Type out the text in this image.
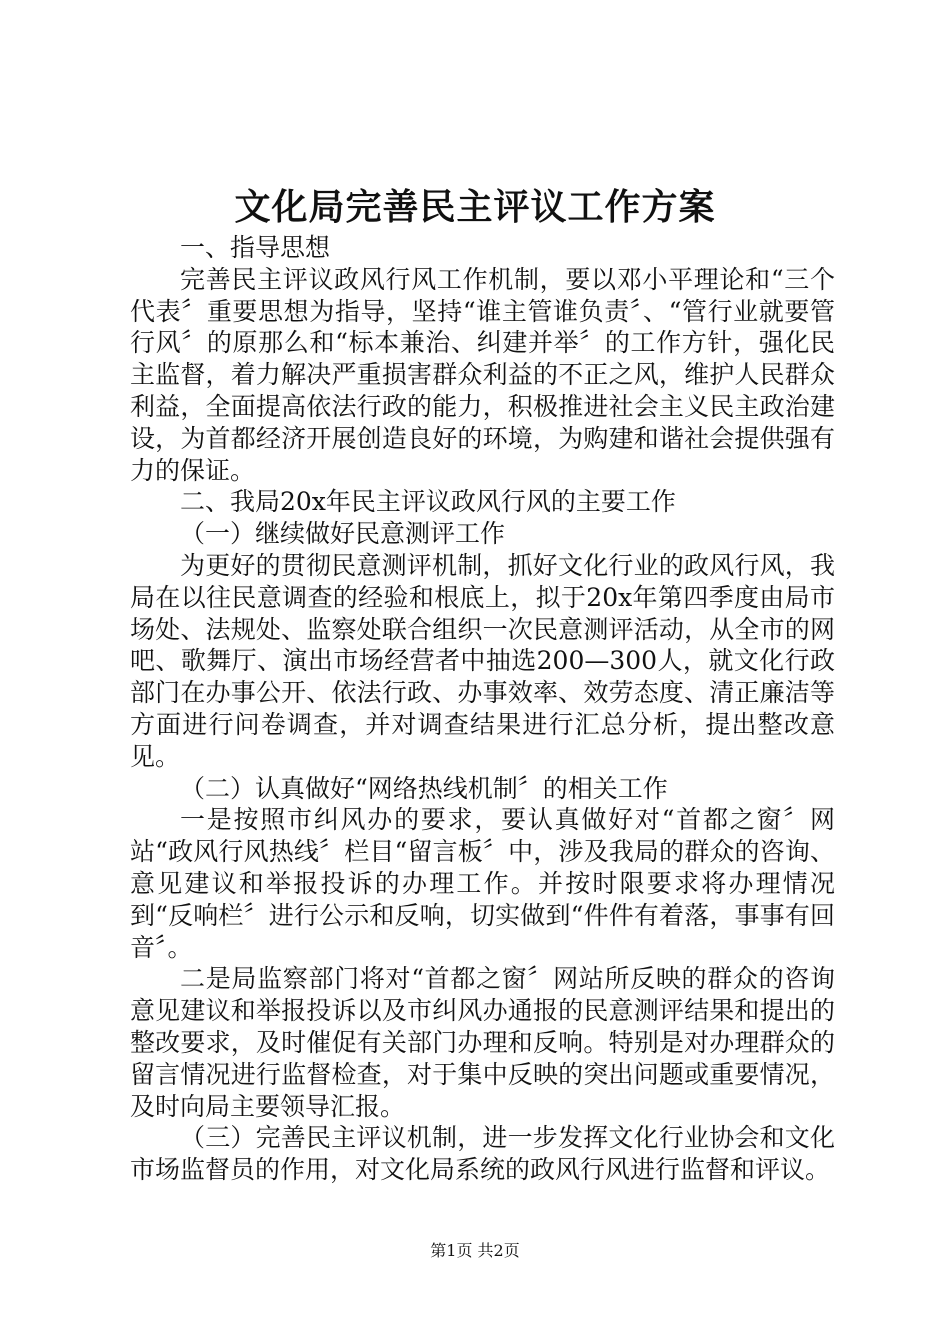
文化局完善民主评议工作方案

一、指导思想

完善民主评议政风行风工作机制，要以邓小平理论和“三个代表〞重要思想为指导，坚持“谁主管谁负责〞、“管行业就要管行风〞的原那么和“标本兼治、纠建并举〞的工作方针，强化民主监督，着力解决严重损害群众利益的不正之风，维护人民群众利益，全面提高依法行政的能力，积极推进社会主义民主政治建设，为首都经济开展创造良好的环境，为购建和谐社会提供强有力的保证。

二、我局20x年民主评议政风行风的主要工作

（一）继续做好民意测评工作

为更好的贯彻民意测评机制，抓好文化行业的政风行风，我局在以往民意调查的经验和根底上，拟于20x年第四季度由局市场处、法规处、监察处联合组织一次民意测评活动，从全市的网吧、歌舞厅、演出市场经营者中抽选200—300人，就文化行政部门在办事公开、依法行政、办事效率、效劳态度、清正廉洁等方面进行问卷调查，并对调查结果进行汇总分析，提出整改意见。

（二）认真做好“网络热线机制〞的相关工作

一是按照市纠风办的要求，要认真做好对“首都之窗〞网站“政风行风热线〞栏目“留言板〞中，涉及我局的群众的咨询、意见建议和举报投诉的办理工作。并按时限要求将办理情况到“反响栏〞进行公示和反响，切实做到“件件有着落，事事有回音〞。

二是局监察部门将对“首都之窗〞网站所反映的群众的咨询意见建议和举报投诉以及市纠风办通报的民意测评结果和提出的整改要求，及时催促有关部门办理和反响。特别是对办理群众的留言情况进行监督检查，对于集中反映的突出问题或重要情况，及时向局主要领导汇报。

（三）完善民主评议机制，进一步发挥文化行业协会和文化市场监督员的作用，对文化局系统的政风行风进行监督和评议。

第1页 共2页
